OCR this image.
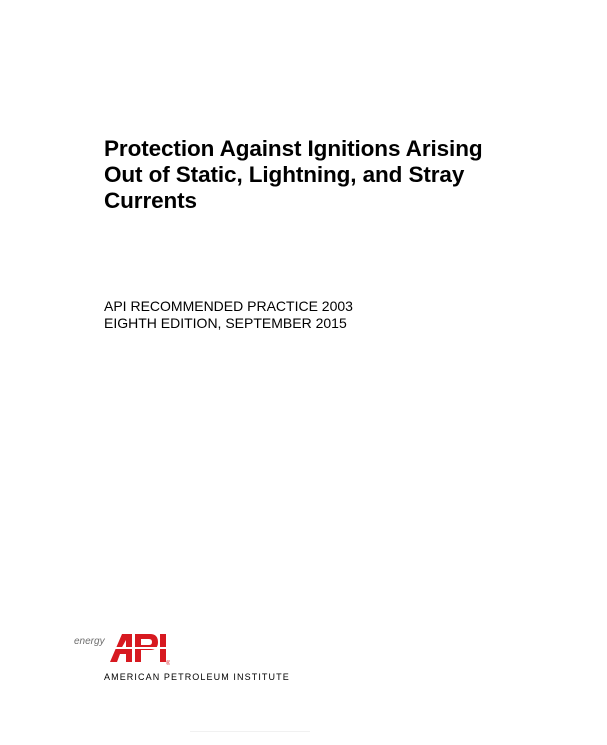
Protection Against Ignitions Arising
Out of Static, Lightning, and Stray
Currents

API RECOMMENDED PRACTICE 2003
EIGHTH EDITION, SEPTEMBER 2015

energy
®

AMERICAN PETROLEUM INSTITUTE
